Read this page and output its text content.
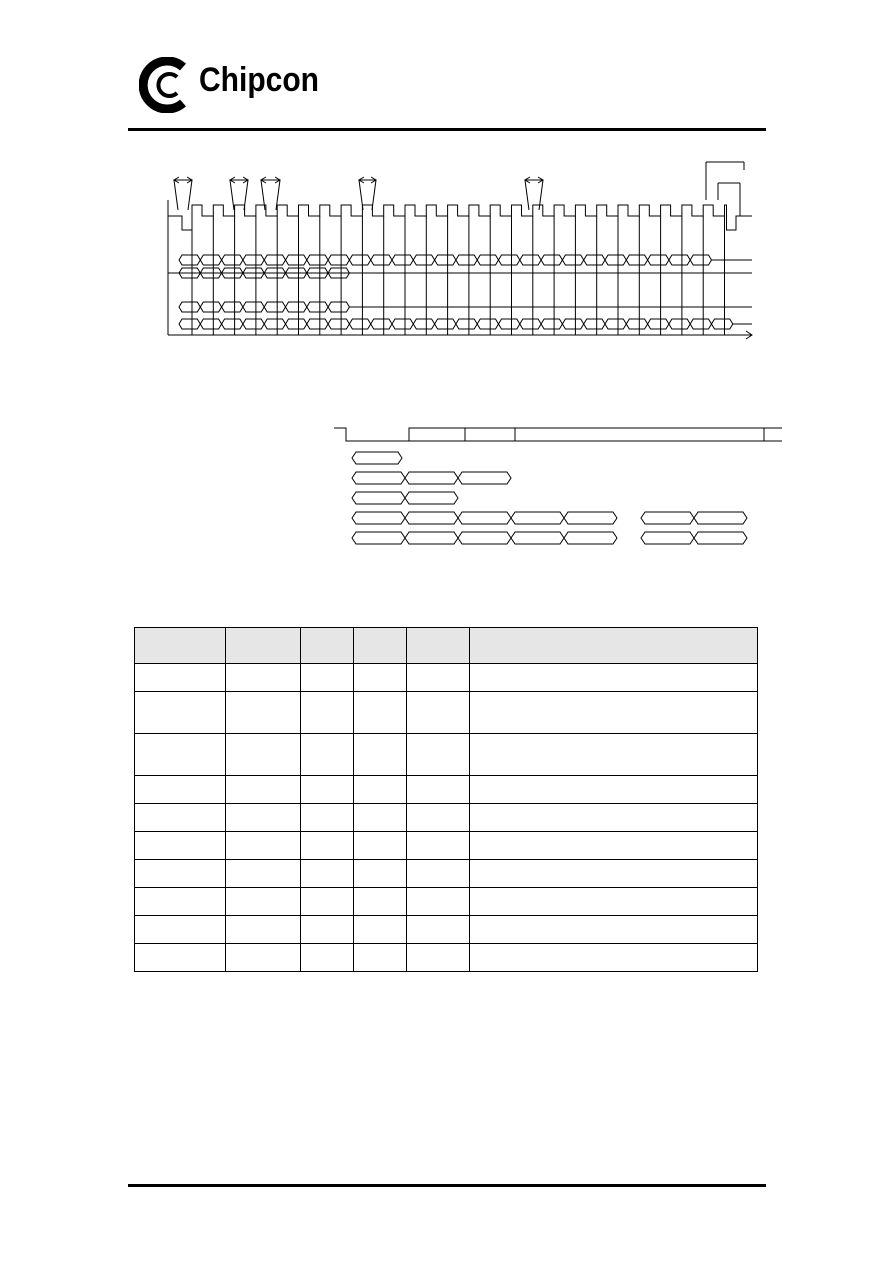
Chipcon
